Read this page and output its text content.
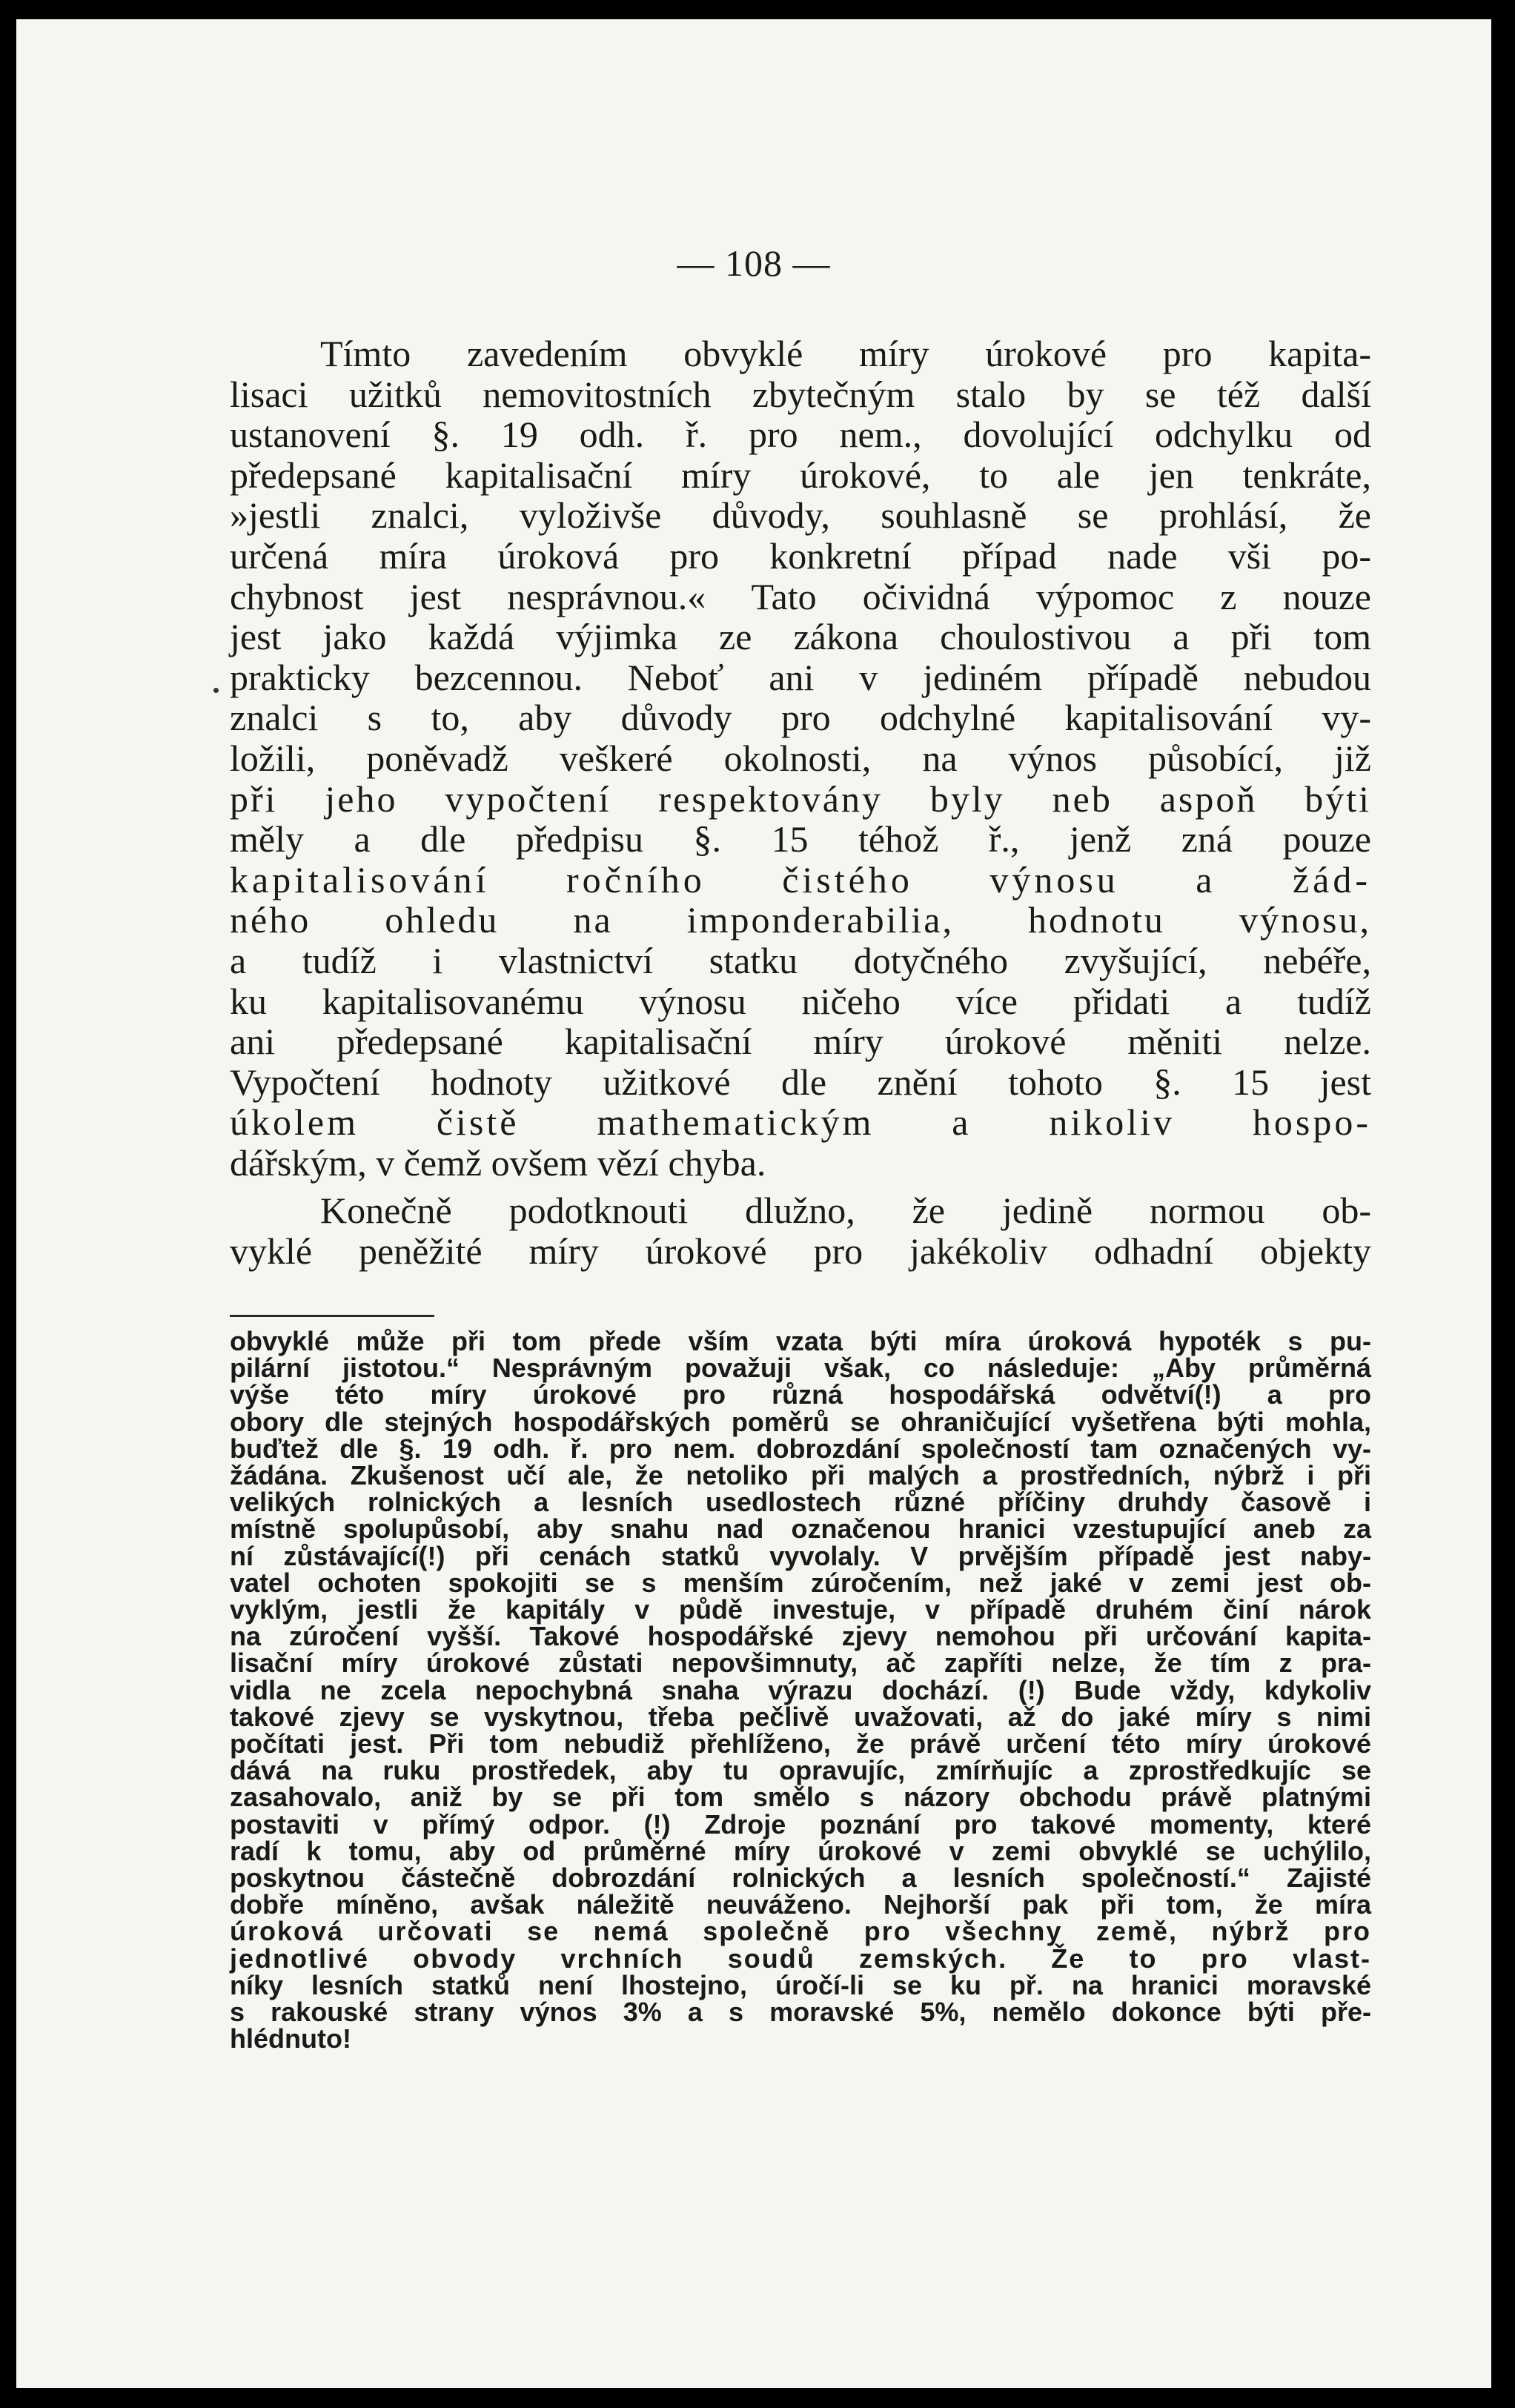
— 108 —
Tímto zavedením obvyklé míry úrokové pro kapita-
lisaci užitků nemovitostních zbytečným stalo by se též další
ustanovení §. 19 odh. ř. pro nem., dovolující odchylku od
předepsané kapitalisační míry úrokové, to ale jen tenkráte,
»jestli znalci, vyloživše důvody, souhlasně se prohlásí, že
určená míra úroková pro konkretní případ nade vši po-
chybnost jest nesprávnou.« Tato očividná výpomoc z nouze
jest jako každá výjimka ze zákona choulostivou a při tom
prakticky bezcennou. Neboť ani v jediném případě nebudou
znalci s to, aby důvody pro odchylné kapitalisování vy-
ložili, poněvadž veškeré okolnosti, na výnos působící, již
při jeho vypočtení respektovány byly neb aspoň býti
měly a dle předpisu §. 15 téhož ř., jenž zná pouze
kapitalisování ročního čistého výnosu a žád-
ného ohledu na imponderabilia, hodnotu výnosu,
a tudíž i vlastnictví statku dotyčného zvyšující, nebéře,
ku kapitalisovanému výnosu ničeho více přidati a tudíž
ani předepsané kapitalisační míry úrokové měniti nelze.
Vypočtení hodnoty užitkové dle znění tohoto §. 15 jest
úkolem čistě mathematickým a nikoliv hospo-
dářským, v čemž ovšem vězí chyba.
Konečně podotknouti dlužno, že jedině normou ob-
vyklé peněžité míry úrokové pro jakékoliv odhadní objekty
obvyklé může při tom přede vším vzata býti míra úroková hypoték s pu-
pilární jistotou.“ Nesprávným považuji však, co následuje: „Aby průměrná
výše této míry úrokové pro různá hospodářská odvětví(!) a pro
obory dle stejných hospodářských poměrů se ohraničující vyšetřena býti mohla,
buďtež dle §. 19 odh. ř. pro nem. dobrozdání společností tam označených vy-
žádána. Zkušenost učí ale, že netoliko při malých a prostředních, nýbrž i při
velikých rolnických a lesních usedlostech různé příčiny druhdy časově i
místně spolupůsobí, aby snahu nad označenou hranici vzestupující aneb za
ní zůstávající(!) při cenách statků vyvolaly. V prvějším případě jest naby-
vatel ochoten spokojiti se s menším zúročením, než jaké v zemi jest ob-
vyklým, jestli že kapitály v půdě investuje, v případě druhém činí nárok
na zúročení vyšší. Takové hospodářské zjevy nemohou při určování kapita-
lisační míry úrokové zůstati nepovšimnuty, ač zapříti nelze, že tím z pra-
vidla ne zcela nepochybná snaha výrazu dochází. (!) Bude vždy, kdykoliv
takové zjevy se vyskytnou, třeba pečlivě uvažovati, až do jaké míry s nimi
počítati jest. Při tom nebudiž přehlíženo, že právě určení této míry úrokové
dává na ruku prostředek, aby tu opravujíc, zmírňujíc a zprostředkujíc se
zasahovalo, aniž by se při tom smělo s názory obchodu právě platnými
postaviti v přímý odpor. (!) Zdroje poznání pro takové momenty, které
radí k tomu, aby od průměrné míry úrokové v zemi obvyklé se uchýlilo,
poskytnou částečně dobrozdání rolnických a lesních společností.“ Zajisté
dobře míněno, avšak náležitě neuváženo. Nejhorší pak při tom, že míra
úroková určovati se nemá společně pro všechny země, nýbrž pro
jednotlivé obvody vrchních soudů zemských. Že to pro vlast-
níky lesních statků není lhostejno, úročí-li se ku př. na hranici moravské
s rakouské strany výnos 3% a s moravské 5%, nemělo dokonce býti pře-
hlédnuto!
